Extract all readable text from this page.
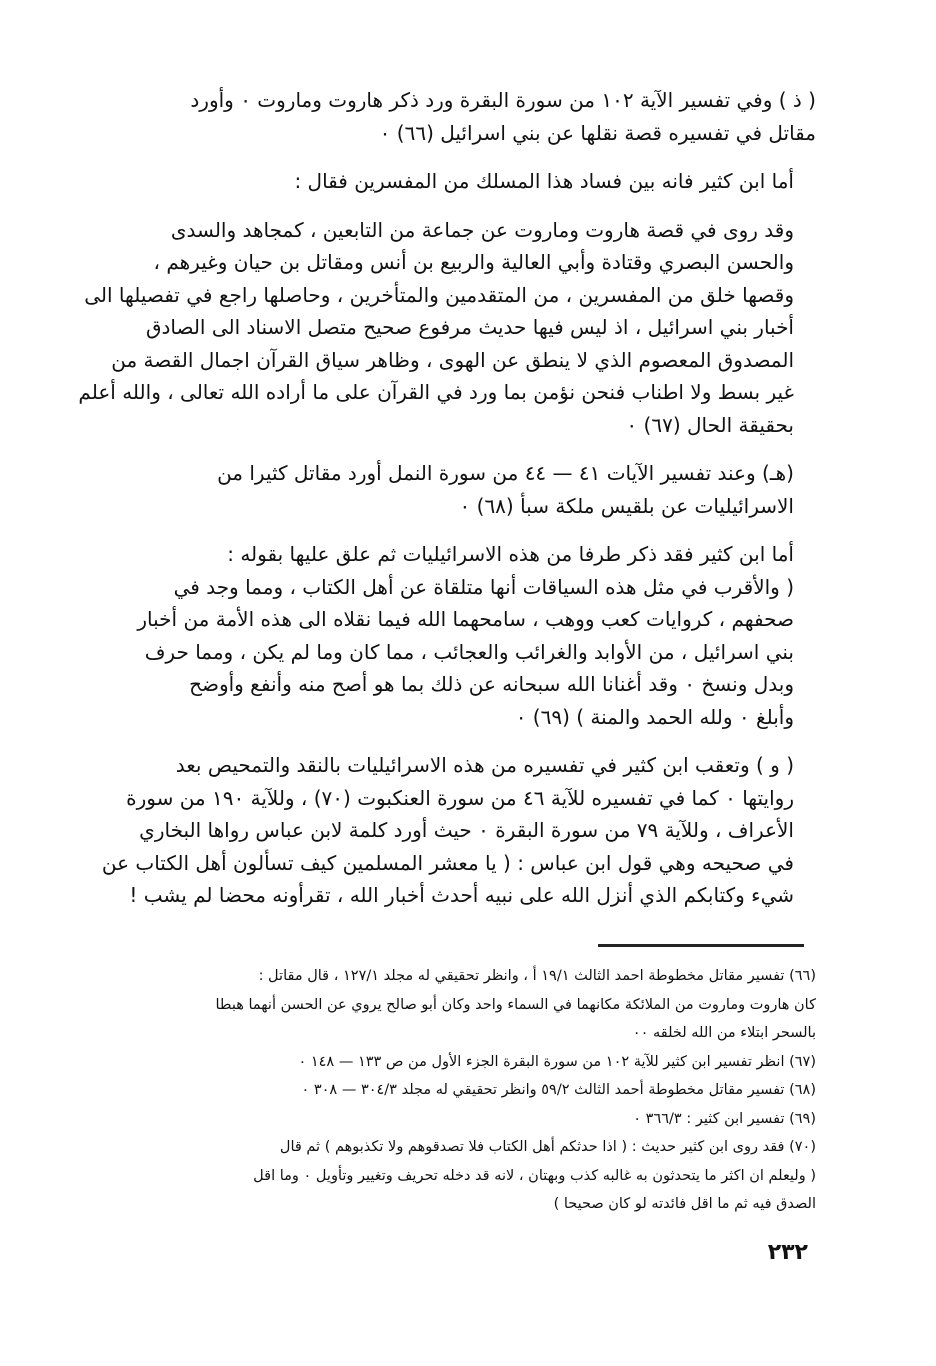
( ذ ) وفي تفسير الآية ١٠٢ من سورة البقرة ورد ذكر هاروت وماروت ٠ وأورد
مقاتل في تفسيره قصة نقلها عن بني اسرائيل (٦٦) ٠

أما ابن كثير فانه بين فساد هذا المسلك من المفسرين فقال :

وقد روى في قصة هاروت وماروت عن جماعة من التابعين ، كمجاهد والسدى
والحسن البصري وقتادة وأبي العالية والربيع بن أنس ومقاتل بن حيان وغيرهم ،
وقصها خلق من المفسرين ، من المتقدمين والمتأخرين ، وحاصلها راجع في تفصيلها الى
أخبار بني اسرائيل ، اذ ليس فيها حديث مرفوع صحيح متصل الاسناد الى الصادق
المصدوق المعصوم الذي لا ينطق عن الهوى ، وظاهر سياق القرآن اجمال القصة من
غير بسط ولا اطناب فنحن نؤمن بما ورد في القرآن على ما أراده الله تعالى ، والله أعلم
بحقيقة الحال (٦٧) ٠

(هـ) وعند تفسير الآيات ٤١ — ٤٤ من سورة النمل أورد مقاتل كثيرا من
الاسرائيليات عن بلقيس ملكة سبأ (٦٨) ٠

أما ابن كثير فقد ذكر طرفا من هذه الاسرائيليات ثم علق عليها بقوله :
( والأقرب في مثل هذه السياقات أنها متلقاة عن أهل الكتاب ، ومما وجد في
صحفهم ، كروايات كعب ووهب ، سامحهما الله فيما نقلاه الى هذه الأمة من أخبار
بني اسرائيل ، من الأوابد والغرائب والعجائب ، مما كان وما لم يكن ، ومما حرف
وبدل ونسخ ٠ وقد أغنانا الله سبحانه عن ذلك بما هو أصح منه وأنفع وأوضح
وأبلغ ٠ ولله الحمد والمنة ) (٦٩) ٠

( و ) وتعقب ابن كثير في تفسيره من هذه الاسرائيليات بالنقد والتمحيص بعد
روايتها ٠ كما في تفسيره للآية ٤٦ من سورة العنكبوت (٧٠) ، وللآية ١٩٠ من سورة
الأعراف ، وللآية ٧٩ من سورة البقرة ٠ حيث أورد كلمة لابن عباس رواها البخاري
في صحيحه وهي قول ابن عباس : ( يا معشر المسلمين كيف تسألون أهل الكتاب عن
شيء وكتابكم الذي أنزل الله على نبيه أحدث أخبار الله ، تقرأونه محضا لم يشب !

(٦٦) تفسير مقاتل مخطوطة احمد الثالث ١٩/١ أ ، وانظر تحقيقي له مجلد ١٢٧/١ ، قال مقاتل :

كان هاروت وماروت من الملائكة مكانهما في السماء واحد وكان أبو صالح يروي عن الحسن أنهما هبطا

بالسحر ابتلاء من الله لخلقه ٠٠

(٦٧) انظر تفسير ابن كثير للآية ١٠٢ من سورة البقرة الجزء الأول من ص ١٣٣ — ١٤٨ ٠

(٦٨) تفسير مقاتل مخطوطة أحمد الثالث ٥٩/٢ وانظر تحقيقي له مجلد ٣٠٤/٣ — ٣٠٨ ٠

(٦٩) تفسير ابن كثير : ٣٦٦/٣ ٠

(٧٠) فقد روى ابن كثير حديث : ( اذا حدثكم أهل الكتاب فلا تصدقوهم ولا تكذبوهم ) ثم قال

( وليعلم ان اكثر ما يتحدثون به غالبه كذب وبهتان ، لانه قد دخله تحريف وتغيير وتأويل ٠ وما اقل

الصدق فيه ثم ما اقل فائدته لو كان صحيحا )

٢٣٢
